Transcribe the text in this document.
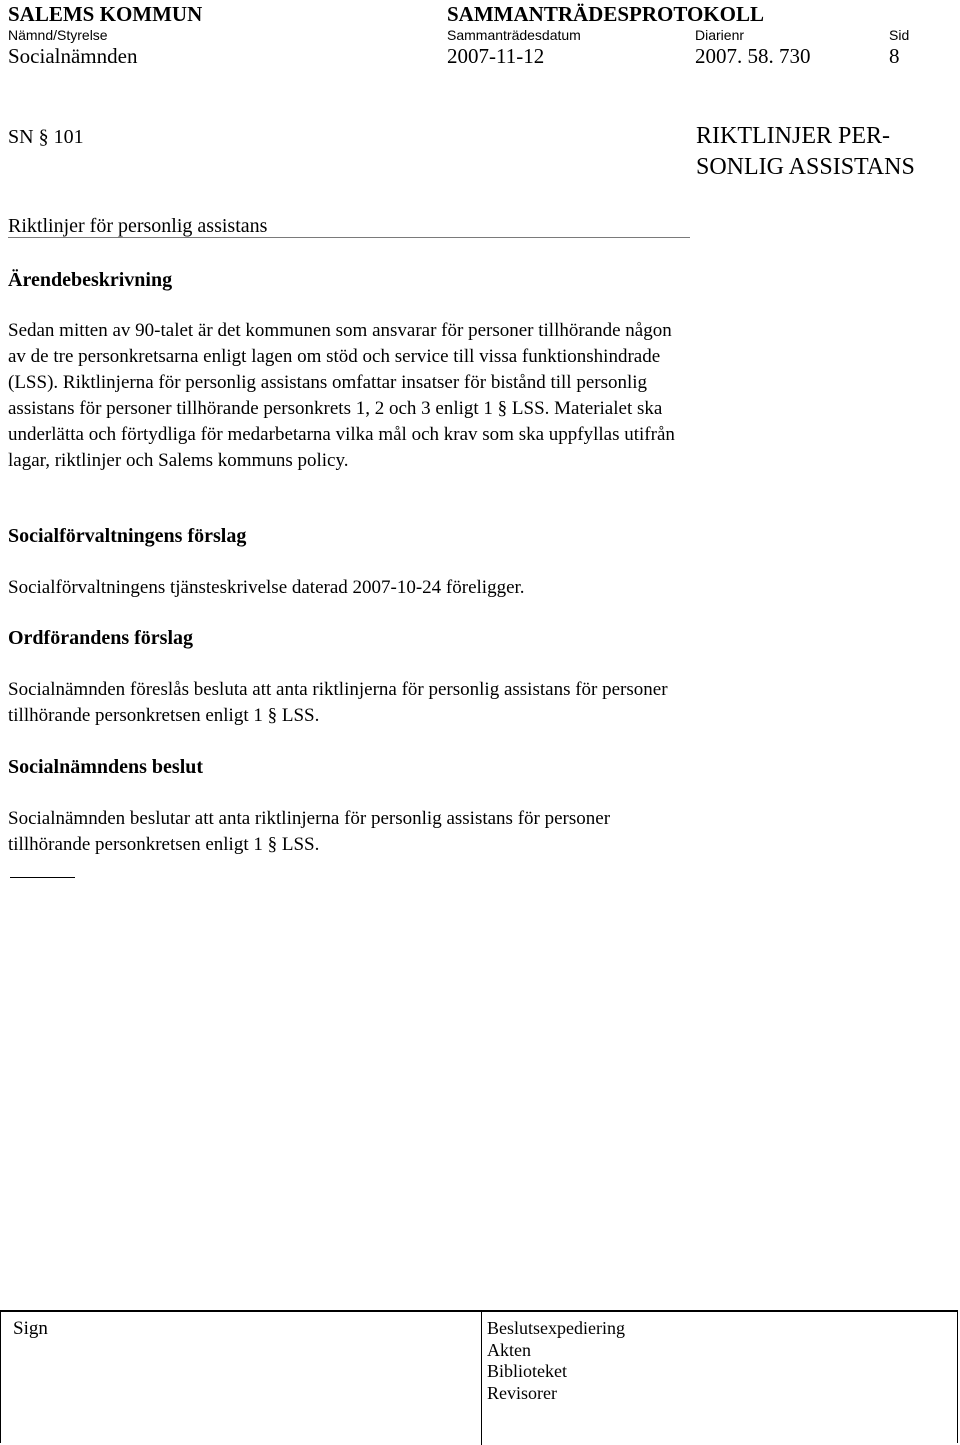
SALEMS KOMMUN	SAMMANTRÄDESPROTOKOLL
Nämnd/Styrelse	Sammanträdesdatum	Diarienr	Sid
Socialnämnden	2007-11-12	2007. 58. 730	8
SN § 101	RIKTLINJER PER-
SONLIG ASSISTANS
Riktlinjer för personlig assistans
Ärendebeskrivning
Sedan mitten av 90-talet är det kommunen som ansvarar för personer tillhörande någon av de tre personkretsarna enligt lagen om stöd och service till vissa funktionshindrade (LSS). Riktlinjerna för personlig assistans omfattar insatser för bistånd till personlig assistans för personer tillhörande personkrets 1, 2 och 3 enligt 1 § LSS. Materialet ska underlätta och förtydliga för medarbetarna vilka mål och krav som ska uppfyllas utifrån lagar, riktlinjer och Salems kommuns policy.
Socialförvaltningens förslag
Socialförvaltningens tjänsteskrivelse daterad 2007-10-24 föreligger.
Ordförandens förslag
Socialnämnden föreslås besluta att anta riktlinjerna för personlig assistans för personer tillhörande personkretsen enligt 1 § LSS.
Socialnämndens beslut
Socialnämnden beslutar att anta riktlinjerna för personlig assistans för personer tillhörande personkretsen enligt 1 § LSS.
Sign	Beslutsexpediering
Akten
Biblioteket
Revisorer
